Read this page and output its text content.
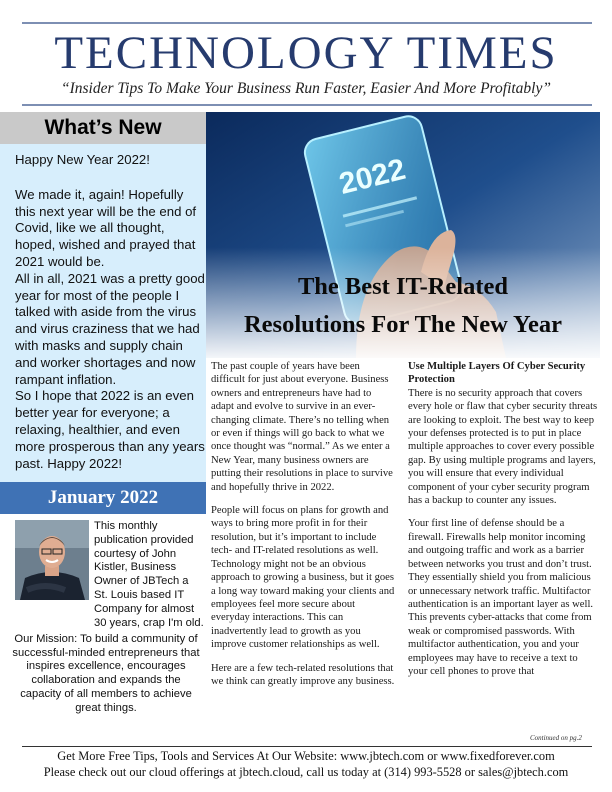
TECHNOLOGY TIMES
“Insider Tips To Make Your Business Run Faster, Easier And More Profitably”
What’s New

Happy New Year 2022!

We made it, again! Hopefully this next year will be the end of Covid, like we all thought, hoped, wished and prayed that 2021 would be.

All in all, 2021 was a pretty good year for most of the people I talked with aside from the virus and virus craziness that we had with masks and supply chain and worker shortages and now rampant inflation.

So I hope that 2022 is an even better year for everyone; a relaxing, healthier, and even more prosperous than any years past. Happy 2022!

January 2022
This monthly publication provided courtesy of John Kistler, Business Owner of JBTech a St. Louis based IT Company for almost 30 years, crap I'm old.
Our Mission: To build a community of successful-minded entrepreneurs that inspires excellence, encourages collaboration and expands the capacity of all members to achieve great things.
The Best IT-Related
Resolutions For The New Year

The past couple of years have been difficult for just about everyone. Business owners and entrepreneurs have had to adapt and evolve to survive in an ever-changing climate. There’s no telling when or even if things will go back to what we once thought was “normal.” As we enter a New Year, many business owners are putting their resolutions in place to survive and hopefully thrive in 2022.

People will focus on plans for growth and ways to bring more profit in for their resolution, but it’s important to include tech- and IT-related resolutions as well. Technology might not be an obvious approach to growing a business, but it goes a long way toward making your clients and employees feel more secure about everyday interactions. This can inadvertently lead to growth as you improve customer relationships as well.

Here are a few tech-related resolutions that we think can greatly improve any business.

Use Multiple Layers Of Cyber Security Protection

There is no security approach that covers every hole or flaw that cyber security threats are looking to exploit. The best way to keep your defenses protected is to put in place multiple approaches to cover every possible gap. By using multiple programs and layers, you will ensure that every individual component of your cyber security program has a backup to counter any issues.

Your first line of defense should be a firewall. Firewalls help monitor incoming and outgoing traffic and work as a barrier between networks you trust and don’t trust. They essentially shield you from malicious or unnecessary network traffic. Multifactor authentication is an important layer as well. This prevents cyber-attacks that come from weak or compromised passwords. With multifactor authentication, you and your employees may have to receive a text to your cell phones to prove that

Continued on pg.2
Get More Free Tips, Tools and Services At Our Website: www.jbtech.com or www.fixedforever.com
Please check out our cloud offerings at jbtech.cloud, call us today at (314) 993-5528 or sales@jbtech.com
